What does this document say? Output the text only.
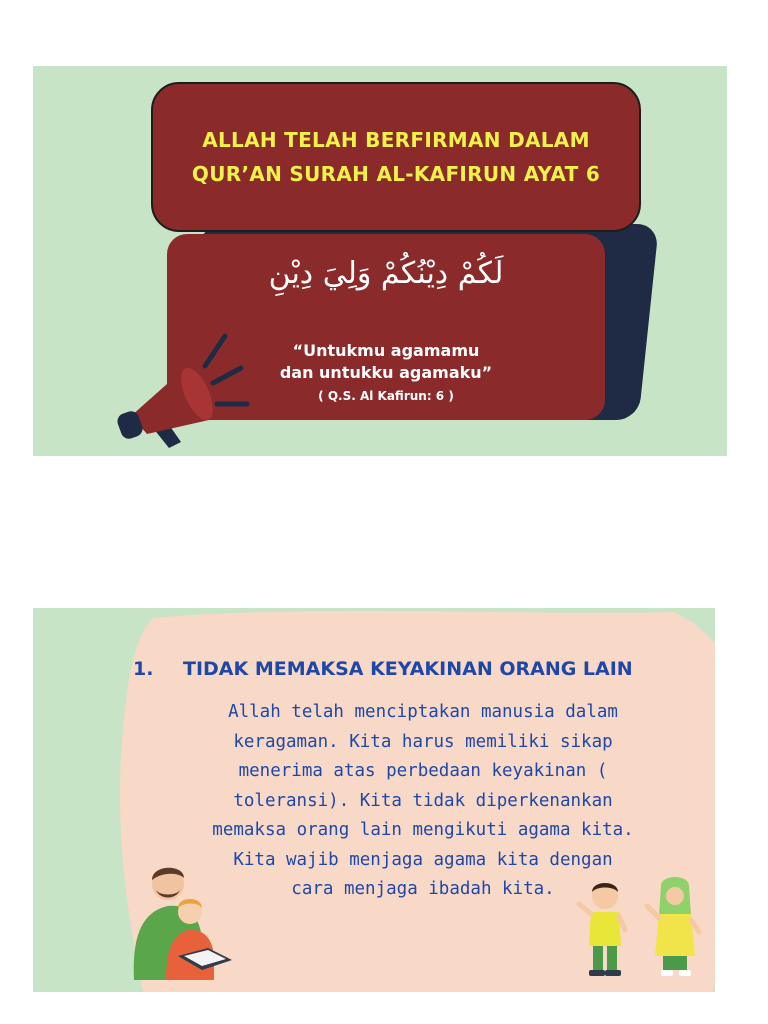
ALLAH TELAH BERFIRMAN DALAM
QUR’AN SURAH AL-KAFIRUN AYAT 6
لَكُمْ دِيْنُكُمْ وَلِيَ دِيْنِ
“Untukmu agamamu
dan untukku agamaku”
( Q.S. Al Kafirun: 6 )
1. TIDAK MEMAKSA KEYAKINAN ORANG LAIN
Allah telah menciptakan manusia dalam
keragaman. Kita harus memiliki sikap
menerima atas perbedaan keyakinan (
toleransi). Kita tidak diperkenankan
memaksa orang lain mengikuti agama kita.
Kita wajib menjaga agama kita dengan
cara menjaga ibadah kita.
